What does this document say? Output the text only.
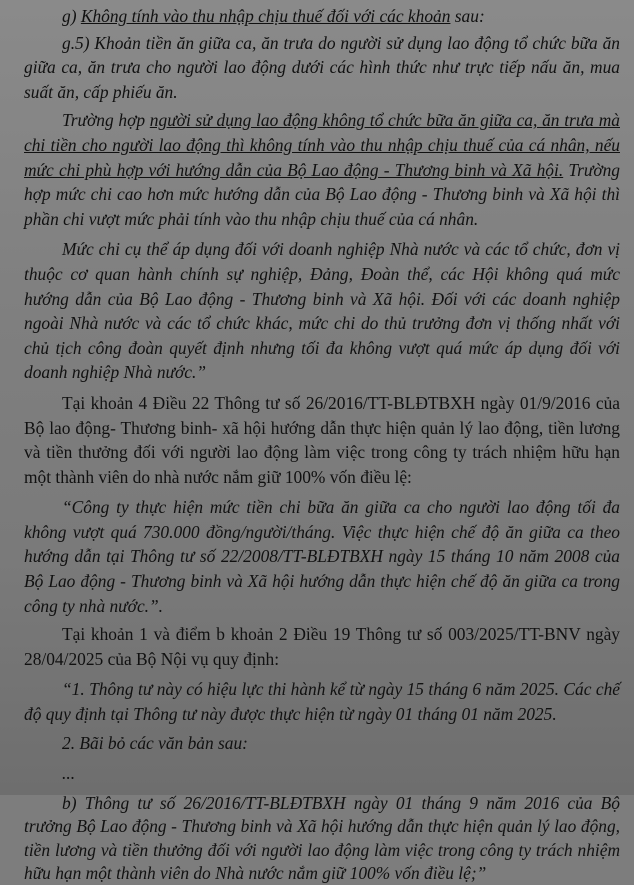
g) Không tính vào thu nhập chịu thuế đối với các khoản sau:

g.5) Khoản tiền ăn giữa ca, ăn trưa do người sử dụng lao động tổ chức bữa ăn giữa ca, ăn trưa cho người lao động dưới các hình thức như trực tiếp nấu ăn, mua suất ăn, cấp phiếu ăn.

Trường hợp người sử dụng lao động không tổ chức bữa ăn giữa ca, ăn trưa mà chi tiền cho người lao động thì không tính vào thu nhập chịu thuế của cá nhân, nếu mức chi phù hợp với hướng dẫn của Bộ Lao động - Thương binh và Xã hội. Trường hợp mức chi cao hơn mức hướng dẫn của Bộ Lao động - Thương binh và Xã hội thì phần chi vượt mức phải tính vào thu nhập chịu thuế của cá nhân.

Mức chi cụ thể áp dụng đối với doanh nghiệp Nhà nước và các tổ chức, đơn vị thuộc cơ quan hành chính sự nghiệp, Đảng, Đoàn thể, các Hội không quá mức hướng dẫn của Bộ Lao động - Thương binh và Xã hội. Đối với các doanh nghiệp ngoài Nhà nước và các tổ chức khác, mức chi do thủ trưởng đơn vị thống nhất với chủ tịch công đoàn quyết định nhưng tối đa không vượt quá mức áp dụng đối với doanh nghiệp Nhà nước.”

Tại khoản 4 Điều 22 Thông tư số 26/2016/TT-BLĐTBXH ngày 01/9/2016 của Bộ lao động- Thương binh- xã hội hướng dẫn thực hiện quản lý lao động, tiền lương và tiền thưởng đối với người lao động làm việc trong công ty trách nhiệm hữu hạn một thành viên do nhà nước nắm giữ 100% vốn điều lệ:

“Công ty thực hiện mức tiền chi bữa ăn giữa ca cho người lao động tối đa không vượt quá 730.000 đồng/người/tháng. Việc thực hiện chế độ ăn giữa ca theo hướng dẫn tại Thông tư số 22/2008/TT-BLĐTBXH ngày 15 tháng 10 năm 2008 của Bộ Lao động - Thương binh và Xã hội hướng dẫn thực hiện chế độ ăn giữa ca trong công ty nhà nước.”.

Tại khoản 1 và điểm b khoản 2 Điều 19 Thông tư số 003/2025/TT-BNV ngày 28/04/2025 của Bộ Nội vụ quy định:

“1. Thông tư này có hiệu lực thi hành kể từ ngày 15 tháng 6 năm 2025. Các chế độ quy định tại Thông tư này được thực hiện từ ngày 01 tháng 01 năm 2025.

2. Bãi bỏ các văn bản sau:

...

b) Thông tư số 26/2016/TT-BLĐTBXH ngày 01 tháng 9 năm 2016 của Bộ trưởng Bộ Lao động - Thương binh và Xã hội hướng dẫn thực hiện quản lý lao động, tiền lương và tiền thưởng đối với người lao động làm việc trong công ty trách nhiệm hữu hạn một thành viên do Nhà nước nắm giữ 100% vốn điều lệ;”
